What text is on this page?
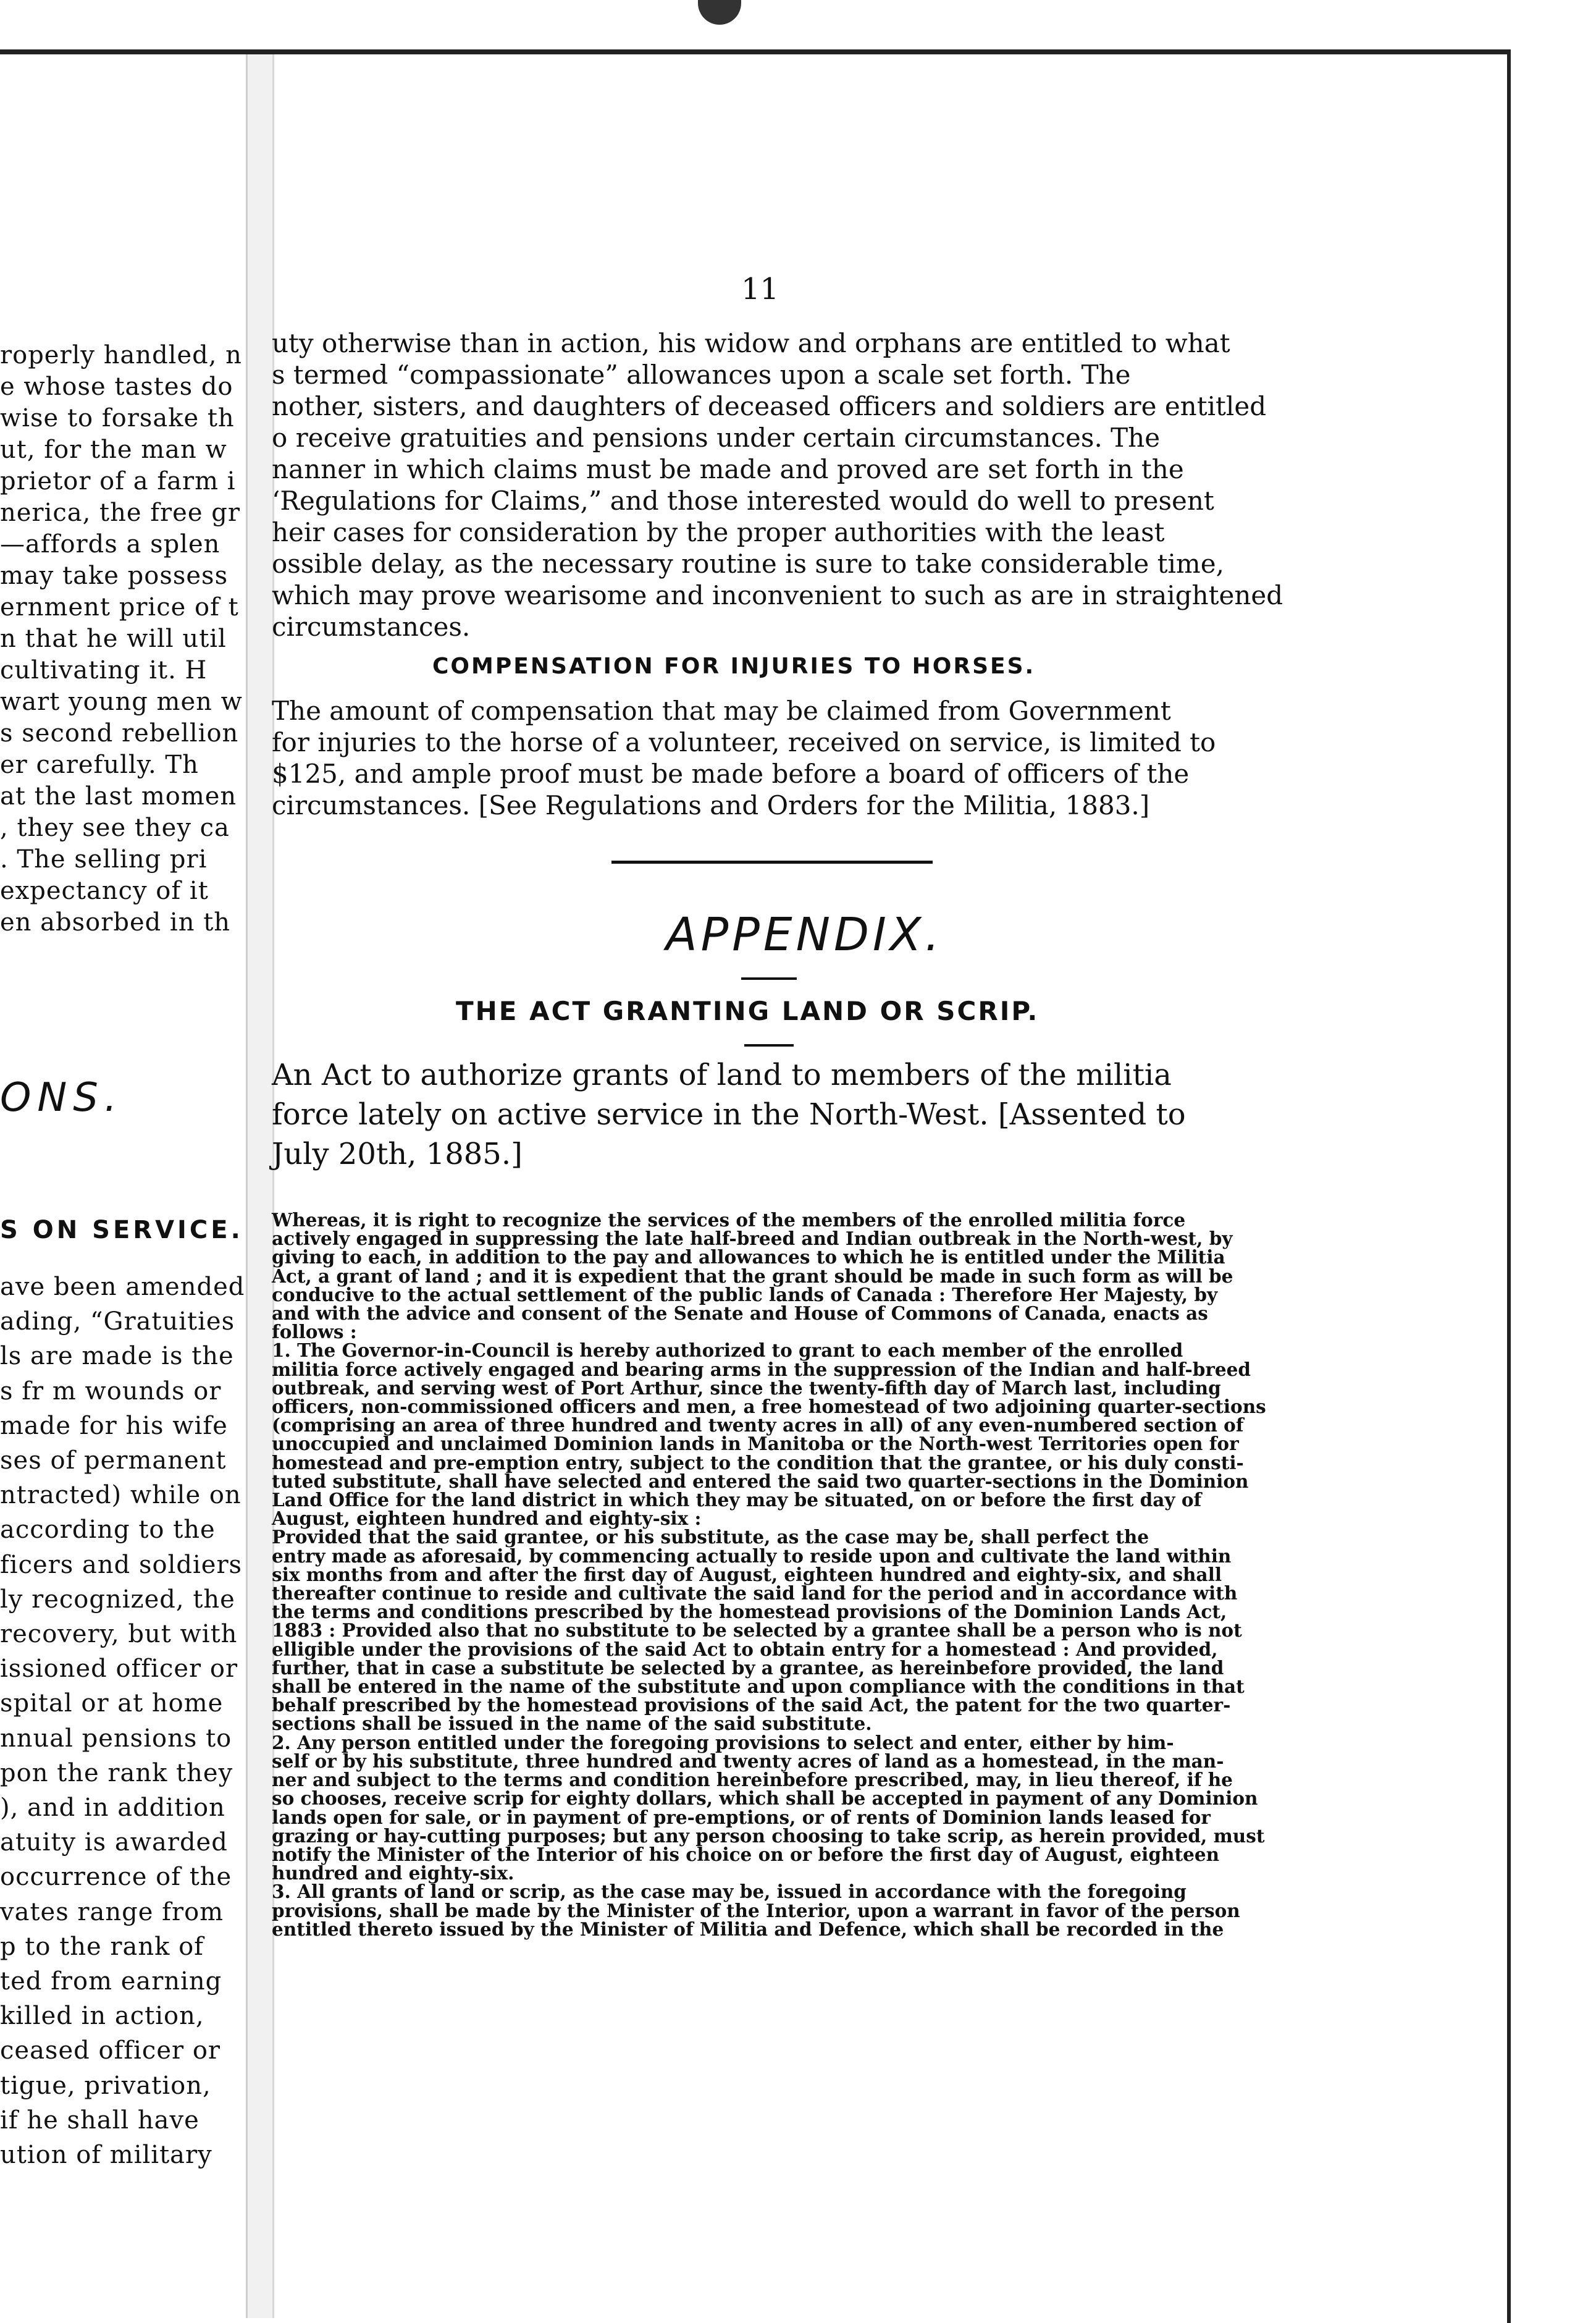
roperly handled, n

e whose tastes do

wise to forsake th

ut, for the man w

prietor of a farm i

nerica, the free gr

—affords a splen

may take possess

ernment price of t

n that he will util

cultivating it. H

wart young men w

s second rebellion

er carefully. Th

at the last momen

, they see they ca

. The selling pri

expectancy of it

en absorbed in th

ONS.
S ON SERVICE.

ave been amended

ading, “Gratuities

ls are made is the

s fr m wounds or

made for his wife

ses of permanent

ntracted) while on

according to the

ficers and soldiers

ly recognized, the

recovery, but with

issioned officer or

spital or at home

nnual pensions to

pon the rank they

), and in addition

atuity is awarded

occurrence of the

vates range from

p to the rank of

ted from earning

killed in action,

ceased officer or

tigue, privation,

if he shall have

ution of military

11

uty otherwise than in action, his widow and orphans are entitled to what

s termed “compassionate” allowances upon a scale set forth. The

nother, sisters, and daughters of deceased officers and soldiers are entitled

o receive gratuities and pensions under certain circumstances. The

nanner in which claims must be made and proved are set forth in the

‘Regulations for Claims,” and those interested would do well to present

heir cases for consideration by the proper authorities with the least

ossible delay, as the necessary routine is sure to take considerable time,

which may prove wearisome and inconvenient to such as are in straightened

circumstances.

COMPENSATION FOR INJURIES TO HORSES.

The amount of compensation that may be claimed from Government

for injuries to the horse of a volunteer, received on service, is limited to

$125, and ample proof must be made before a board of officers of the

circumstances. [See Regulations and Orders for the Militia, 1883.]

APPENDIX.
THE ACT GRANTING LAND OR SCRIP.

An Act to authorize grants of land to members of the militia

force lately on active service in the North-West. [Assented to

July 20th, 1885.]

Whereas, it is right to recognize the services of the members of the enrolled militia force

actively engaged in suppressing the late half-breed and Indian outbreak in the North-west, by

giving to each, in addition to the pay and allowances to which he is entitled under the Militia

Act, a grant of land ; and it is expedient that the grant should be made in such form as will be

conducive to the actual settlement of the public lands of Canada : Therefore Her Majesty, by

and with the advice and consent of the Senate and House of Commons of Canada, enacts as

follows :

1. The Governor-in-Council is hereby authorized to grant to each member of the enrolled

militia force actively engaged and bearing arms in the suppression of the Indian and half-breed

outbreak, and serving west of Port Arthur, since the twenty-fifth day of March last, including

officers, non-commissioned officers and men, a free homestead of two adjoining quarter-sections

(comprising an area of three hundred and twenty acres in all) of any even-numbered section of

unoccupied and unclaimed Dominion lands in Manitoba or the North-west Territories open for

homestead and pre-emption entry, subject to the condition that the grantee, or his duly consti-

tuted substitute, shall have selected and entered the said two quarter-sections in the Dominion

Land Office for the land district in which they may be situated, on or before the first day of

August, eighteen hundred and eighty-six :

Provided that the said grantee, or his substitute, as the case may be, shall perfect the

entry made as aforesaid, by commencing actually to reside upon and cultivate the land within

six months from and after the first day of August, eighteen hundred and eighty-six, and shall

thereafter continue to reside and cultivate the said land for the period and in accordance with

the terms and conditions prescribed by the homestead provisions of the Dominion Lands Act,

1883 : Provided also that no substitute to be selected by a grantee shall be a person who is not

elligible under the provisions of the said Act to obtain entry for a homestead : And provided,

further, that in case a substitute be selected by a grantee, as hereinbefore provided, the land

shall be entered in the name of the substitute and upon compliance with the conditions in that

behalf prescribed by the homestead provisions of the said Act, the patent for the two quarter-

sections shall be issued in the name of the said substitute.

2. Any person entitled under the foregoing provisions to select and enter, either by him-

self or by his substitute, three hundred and twenty acres of land as a homestead, in the man-

ner and subject to the terms and condition hereinbefore prescribed, may, in lieu thereof, if he

so chooses, receive scrip for eighty dollars, which shall be accepted in payment of any Dominion

lands open for sale, or in payment of pre-emptions, or of rents of Dominion lands leased for

grazing or hay-cutting purposes; but any person choosing to take scrip, as herein provided, must

notify the Minister of the Interior of his choice on or before the first day of August, eighteen

hundred and eighty-six.

3. All grants of land or scrip, as the case may be, issued in accordance with the foregoing

provisions, shall be made by the Minister of the Interior, upon a warrant in favor of the person

entitled thereto issued by the Minister of Militia and Defence, which shall be recorded in the
